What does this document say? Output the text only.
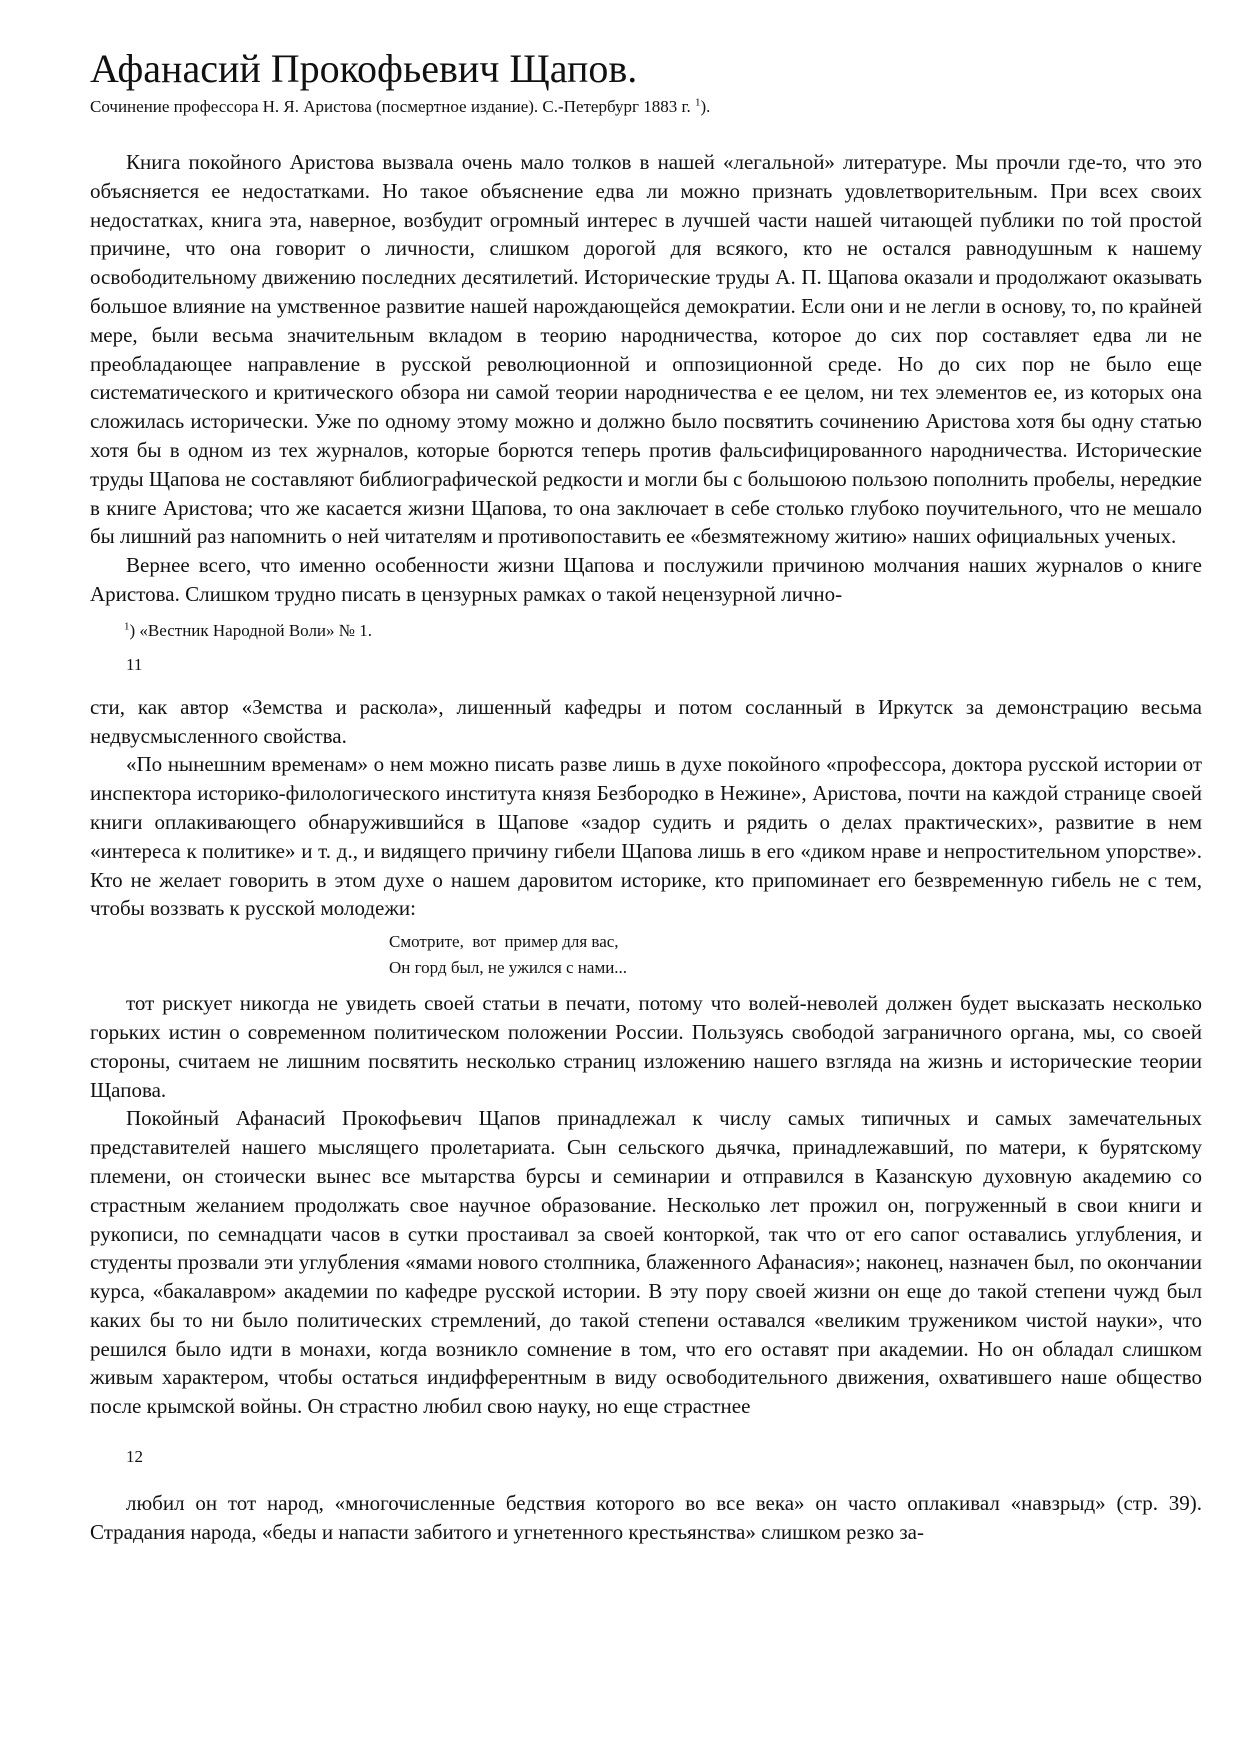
Афанасий Прокофьевич Щапов.
Сочинение профессора Н. Я. Аристова (посмертное издание). С.-Петербург 1883 г. $^1$).

Книга покойного Аристова вызвала очень мало толков в нашей «легальной» литературе. Мы прочли где-то, что это объясняется ее недостатками. Но такое объяснение едва ли можно признать удовлетворительным. При всех своих недостатках, книга эта, наверное, возбудит огромный интерес в лучшей части нашей читающей публики по той простой причине, что она говорит о личности, слишком дорогой для всякого, кто не остался равнодушным к нашему освободительному движению последних десятилетий. Исторические труды А. П. Щапова оказали и продолжают оказывать большое влияние на умственное развитие нашей нарождающейся демократии. Если они и не легли в основу, то, по крайней мере, были весьма значительным вкладом в теорию народничества, которое до сих пор составляет едва ли не преобладающее направление в русской революционной и оппозиционной среде. Но до сих пор не было еще систематического и критического обзора ни самой теории народничества е ее целом, ни тех элементов ее, из которых она сложилась исторически. Уже по одному этому можно и должно было посвятить сочинению Аристова хотя бы одну статью хотя бы в одном из тех журналов, которые борются теперь против фальсифицированного народничества. Исторические труды Щапова не составляют библиографической редкости и могли бы с большоюю пользою пополнить пробелы, нередкие в книге Аристова; что же касается жизни Щапова, то она заключает в себе столько глубоко поучительного, что не мешало бы лишний раз напомнить о ней читателям и противопоставить ее «безмятежному житию» наших официальных ученых.

Вернее всего, что именно особенности жизни Щапова и послужили причиною молчания наших журналов о книге Аристова. Слишком трудно писать в цензурных рамках о такой нецензурной лично-

$^1$) «Вестник Народной Воли» № 1.
11

сти, как автор «Земства и раскола», лишенный кафедры и потом сосланный в Иркутск за демонстрацию весьма недвусмысленного свойства.

«По нынешним временам» о нем можно писать разве лишь в духе покойного «профессора, доктора русской истории от инспектора историко-филологического института князя Безбородко в Нежине», Аристова, почти на каждой странице своей книги оплакивающего обнаружившийся в Щапове «задор судить и рядить о делах практических», развитие в нем «интереса к политике» и т. д., и видящего причину гибели Щапова лишь в его «диком нраве и непростительном упорстве». Кто не желает говорить в этом духе о нашем даровитом историке, кто припоминает его безвременную гибель не с тем, чтобы воззвать к русской молодежи:

Смотрите,  вот  пример для вас,
Он горд был, не ужился с нами...

тот рискует никогда не увидеть своей статьи в печати, потому что волей-неволей должен будет высказать несколько горьких истин о современном политическом положении России. Пользуясь свободой заграничного органа, мы, со своей стороны, считаем не лишним посвятить несколько страниц изложению нашего взгляда на жизнь и исторические теории Щапова.

Покойный Афанасий Прокофьевич Щапов принадлежал к числу самых типичных и самых замечательных представителей нашего мыслящего пролетариата. Сын сельского дьячка, принадлежавший, по матери, к бурятскому племени, он стоически вынес все мытарства бурсы и семинарии и отправился в Казанскую духовную академию со страстным желанием продолжать свое научное образование. Несколько лет прожил он, погруженный в свои книги и рукописи, по семнадцати часов в сутки простаивал за своей конторкой, так что от его сапог оставались углубления, и студенты прозвали эти углубления «ямами нового столпника, блаженного Афанасия»; наконец, назначен был, по окончании курса, «бакалавром» академии по кафедре русской истории. В эту пору своей жизни он еще до такой степени чужд был каких бы то ни было политических стремлений, до такой степени оставался «великим тружеником чистой науки», что решился было идти в монахи, когда возникло сомнение в том, что его оставят при академии. Но он обладал слишком живым характером, чтобы остаться индифферентным в виду освободительного движения, охватившего наше общество после крымской войны. Он страстно любил свою науку, но еще страстнее

12

любил он тот народ, «многочисленные бедствия которого во все века» он часто оплакивал «навзрыд» (стр. 39). Страдания народа, «беды и напасти забитого и угнетенного крестьянства» слишком резко за-
